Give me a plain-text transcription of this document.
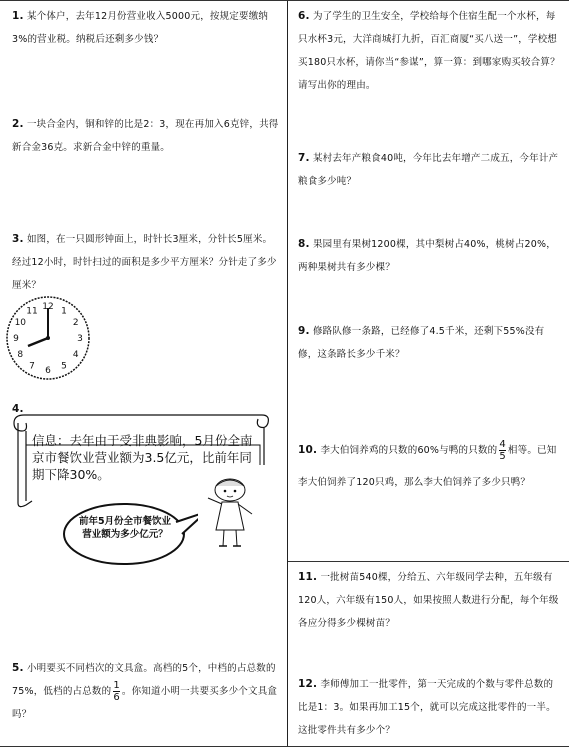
1. 某个体户，去年12月份营业收入5000元，按规定要缴纳3%的营业税。纳税后还剩多少钱？
2. 一块合金内，铜和锌的比是2：3，现在再加入6克锌，共得新合金36克。求新合金中锌的重量。
3. 如图，在一只圆形钟面上，时针长3厘米，分针长5厘米。经过12小时，时针扫过的面积是多少平方厘米？分针走了多少厘米？
12 1
2
3
4
5
6
7
8
9
10
11
4.
信息：去年由于受非典影响，5月份全南京市餐饮业营业额为3.5亿元，比前年同期下降30%。
前年5月份全市餐饮业营业额为多少亿元？
5. 小明要买不同档次的文具盒。高档的5个，中档的占总数的75%，低档的占总数的 $\frac{1}{6}$ 。你知道小明一共要买多少个文具盒吗？
6. 为了学生的卫生安全，学校给每个住宿生配一个水杯，每只水杯3元，大洋商城打九折，百汇商厦“买八送一”，学校想买180只水杯，请你当“参谋”，算一算：到哪家购买较合算？请写出你的理由。
7. 某村去年产粮食40吨，今年比去年增产二成五，今年计产粮食多少吨？
8. 果园里有果树1200棵，其中梨树占40%，桃树占20%，两种果树共有多少棵？
9. 修路队修一条路，已经修了4.5千米，还剩下55%没有修，这条路长多少千米？
10. 李大伯饲养鸡的只数的60%与鸭的只数的 $\frac{4}{5}$ 相等。已知李大伯饲养了120只鸡，那么李大伯饲养了多少只鸭？
11. 一批树苗540棵，分给五、六年级同学去种，五年级有120人，六年级有150人，如果按照人数进行分配，每个年级各应分得多少棵树苗？
12. 李师傅加工一批零件，第一天完成的个数与零件总数的比是1：3。如果再加工15个，就可以完成这批零件的一半。这批零件共有多少个？
